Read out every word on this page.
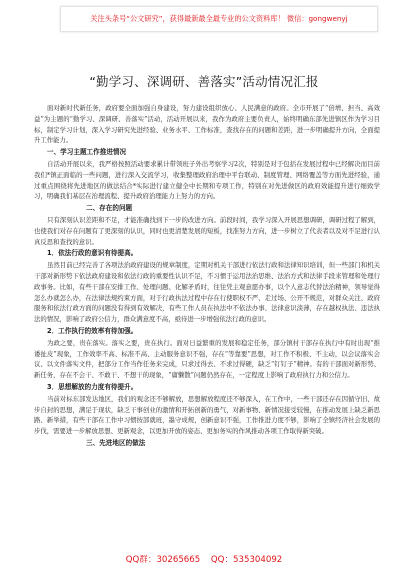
关注头条号“公文研究”，获得最新最全最专业的公文资料库！ 微信：gongwenyj
“勤学习、深调研、善落实”活动情况汇报

面对新时代新任务，政府要全面加强自身建设，努力建设组织放心、人民满意的政府。全市开展了“倍增、担当、高效益”为主题的“勤学习、深调研、善落实”活动，活动开展以来，我作为政府主要负责人，始终明确东部先进镇区作为学习目标，制定学习计划，深入学习研究先进经验、业务水平、工作标准，查找存在的问题和差距，进一步明确提升方向，全面提升工作能力。

一、学习主题工作推进情况

自活动开展以来，我严格按照活动要求累计带领班子外出考察学习2次，特别是对于包括在发展过程中已经解决而目前我们*镇正面临的一些问题，进行深入交流学习，收集整理政府治理中平台联动、制度管理、网络覆盖等方面先进经验，通过重点围绕将先进地区的做法结合*实际进行建立健全中长期和专项工作，特别在对先进做区的政府效能提升进行细致学习，明确我们基层在治理流程、提升政府治理能力上努力的方向。

二、存在的问题

只有深刻认识差距和不足，才能准确找到下一步的改进方向。前段时间，我学习深入开展思想调研，调研过程了解到，也使我们对存在问题有了更深刻的认识，同时也更清楚发展的短板，找准努力方向，进一步树立了代表者以及对不足进行认真反思和查找的意识。

1．依法行政的意识有待提高。

虽然目前已经完善了各项法治政府建设的规章制度，定期对机关干部进行依法行政和法律知识培训，但一些部门和机关干部对新形势下依法政府建设和依法行政的重要性认识不足，不习惯于运用法治思维、法治方式和法律手段来管理和处理行政事务。比如，有些干部在安排工作、处理问题、化解矛盾时，往往凭主观意愿办事，以个人意志代替法治精神，领导觉得怎么办就怎么办，在法律法规约束方面，对于行政执法过程中存在行使职权不严、走过场、公开不规范，对群众关注、政府服务和依法行政方面的问题没有得到有效解决，有些工作人员在执法中不依法办事、法律意识淡薄，存在越权执法、违法执法的情况，影响了政府公信力，群众满意度不高，亟待进一步增强依法行政的意识。

2．工作执行的效率有待加强。

为政之要，贵在落实。落实之要，贵在执行。面对日益繁重的发展和稳定任务，部分镇村干部存在执行中有时出现“推诿扯皮”现象，工作效率不高、标准不高、主动服务意识不强，存在“等靠要”思想，对工作不积极、不主动，以会议落实会议、以文件落实文件，把部分工作当作任务来完成，只求过得去、不求过得硬，缺乏“钉钉子”精神。有的干部面对新形势、新任务，存在不会干、不敢干、不想干的现象，“庸懒散”问题仍然存在，一定程度上影响了政府执行力和公信力。

3．思想解放的力度有待提升。

当前对标东部发达地区，我们的观念还不够解放，思想解放程度还不够深入，在工作中，一些干部还存在因循守旧、故步自封的思想，满足于现状，缺乏干事创业的激情和开拓创新的勇气，对新事物、新情况接受较慢，在推动发展上缺乏新思路、新举措，有些干部在工作中习惯按部就班，墨守成规，创新意识不强，工作推进力度不够，影响了全镇经济社会发展的步伐，需要进一步解放思想、更新观念，以更加开放的姿态、更加务实的作风推动各项工作取得新突破。

三、先进地区的做法
QQ群：30265665 QQ：535304092
